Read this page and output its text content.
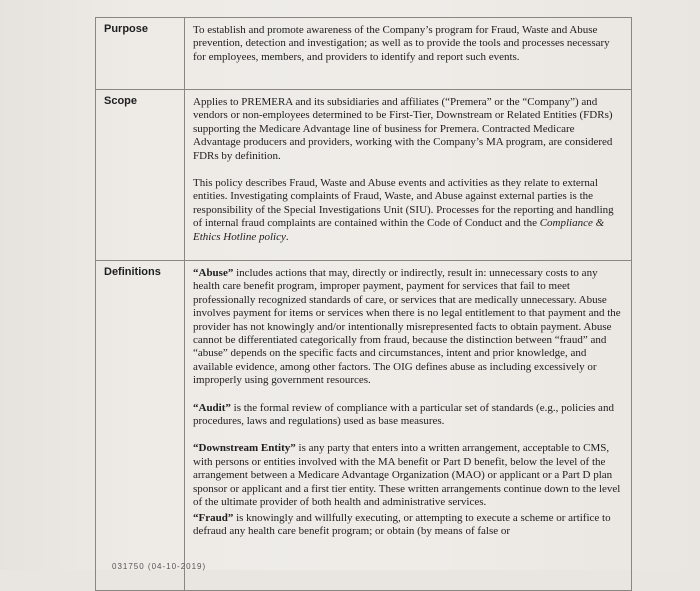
Purpose	To establish and promote awareness of the Company’s program for Fraud, Waste and Abuse prevention, detection and investigation; as well as to provide the tools and processes necessary for employees, members, and providers to identify and report such events.

Scope	Applies to PREMERA and its subsidiaries and affiliates (“Premera” or the “Company”) and vendors or non-employees determined to be First-Tier, Downstream or Related Entities (FDRs) supporting the Medicare Advantage line of business for Premera. Contracted Medicare Advantage producers and providers, working with the Company’s MA program, are considered FDRs by definition.

This policy describes Fraud, Waste and Abuse events and activities as they relate to external entities. Investigating complaints of Fraud, Waste, and Abuse against external parties is the responsibility of the Special Investigations Unit (SIU). Processes for the reporting and handling of internal fraud complaints are contained within the Code of Conduct and the Compliance & Ethics Hotline policy.

Definitions	“Abuse” includes actions that may, directly or indirectly, result in: unnecessary costs to any health care benefit program, improper payment, payment for services that fail to meet professionally recognized standards of care, or services that are medically unnecessary. Abuse involves payment for items or services when there is no legal entitlement to that payment and the provider has not knowingly and/or intentionally misrepresented facts to obtain payment. Abuse cannot be differentiated categorically from fraud, because the distinction between “fraud” and “abuse” depends on the specific facts and circumstances, intent and prior knowledge, and available evidence, among other factors. The OIG defines abuse as including excessively or improperly using government resources.

“Audit” is the formal review of compliance with a particular set of standards (e.g., policies and procedures, laws and regulations) used as base measures.

“Downstream Entity” is any party that enters into a written arrangement, acceptable to CMS, with persons or entities involved with the MA benefit or Part D benefit, below the level of the arrangement between a Medicare Advantage Organization (MAO) or applicant or a Part D plan sponsor or applicant and a first tier entity. These written arrangements continue down to the level of the ultimate provider of both health and administrative services.

“Fraud” is knowingly and willfully executing, or attempting to execute a scheme or artifice to defraud any health care benefit program; or obtain (by means of false or

031750 (04-10-2019)
